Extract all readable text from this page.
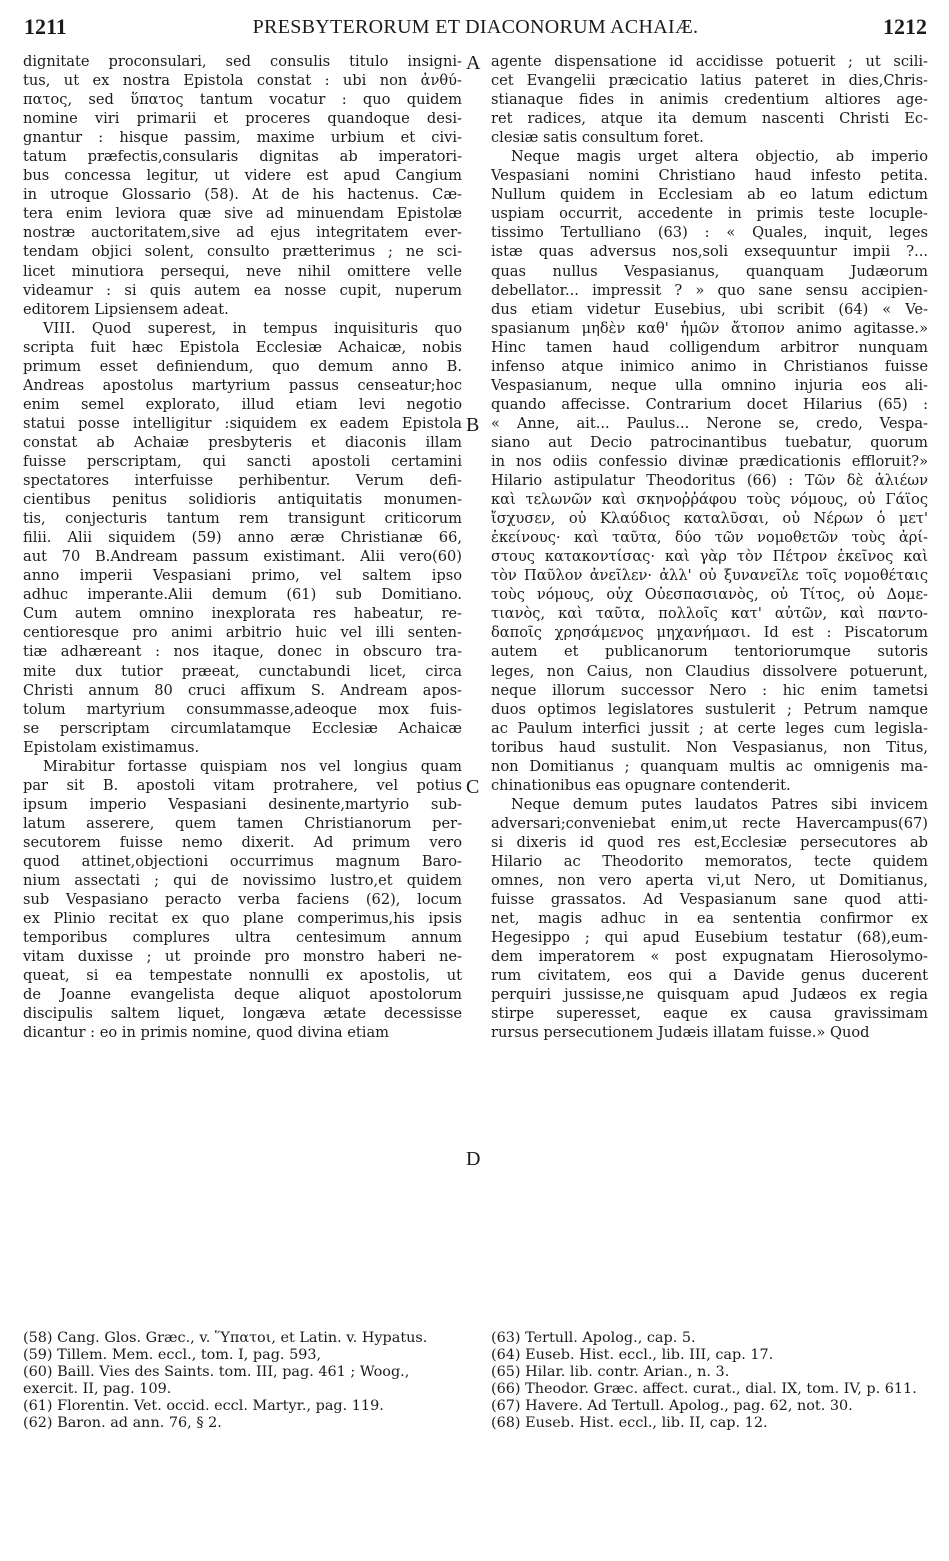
1211	PRESBYTERORUM ET DIACONORUM ACHAIÆ.	1212
dignitate proconsulari, sed consulis titulo insigni-
tus, ut ex nostra Epistola constat : ubi non ἀνθύ-
πατος, sed ὕπατος tantum vocatur : quo quidem
nomine viri primarii et proceres quandoque desi-
gnantur : hisque passim, maxime urbium et civi-
tatum præfectis,consularis dignitas ab imperatori-
bus concessa legitur, ut videre est apud Cangium
in utroque Glossario (58). At de his hactenus. Cæ-
tera enim leviora quæ sive ad minuendam Epistolæ
nostræ auctoritatem,sive ad ejus integritatem ever-
tendam objici solent, consulto prætterimus ; ne sci-
licet minutiora persequi, neve nihil omittere velle
videamur : si quis autem ea nosse cupit, nuperum
editorem Lipsiensem adeat.
VIII. Quod superest, in tempus inquisituris quo
scripta fuit hæc Epistola Ecclesiæ Achaicæ, nobis
primum esset definiendum, quo demum anno B.
Andreas apostolus martyrium passus censeatur;hoc
enim semel explorato, illud etiam levi negotio
statui posse intelligitur :siquidem ex eadem Epistola
constat ab Achaiæ presbyteris et diaconis illam
fuisse perscriptam, qui sancti apostoli certamini
spectatores interfuisse perhibentur. Verum defi-
cientibus penitus solidioris antiquitatis monumen-
tis, conjecturis tantum rem transigunt criticorum
filii. Alii siquidem (59) anno æræ Christianæ 66,
aut 70 B.Andream passum existimant. Alii vero(60)
anno imperii Vespasiani primo, vel saltem ipso
adhuc imperante.Alii demum (61) sub Domitiano.
Cum autem omnino inexplorata res habeatur, re-
centioresque pro animi arbitrio huic vel illi senten-
tiæ adhæreant : nos itaque, donec in obscuro tra-
mite dux tutior præeat, cunctabundi licet, circa
Christi annum 80 cruci affixum S. Andream apos-
tolum martyrium consummasse,adeoque mox fuis-
se perscriptam circumlatamque Ecclesiæ Achaicæ
Epistolam existimamus.
Mirabitur fortasse quispiam nos vel longius quam
par sit B. apostoli vitam protrahere, vel potius
ipsum imperio Vespasiani desinente,martyrio sub-
latum asserere, quem tamen Christianorum per-
secutorem fuisse nemo dixerit. Ad primum vero
quod attinet,objectioni occurrimus magnum Baro-
nium assectati ; qui de novissimo lustro,et quidem
sub Vespasiano peracto verba faciens (62), locum
ex Plinio recitat ex quo plane comperimus,his ipsis
temporibus complures ultra centesimum annum
vitam duxisse ; ut proinde pro monstro haberi ne-
queat, si ea tempestate nonnulli ex apostolis, ut
de Joanne evangelista deque aliquot apostolorum
discipulis saltem liquet, longæva ætate decessisse
dicantur : eo in primis nomine, quod divina etiam
agente dispensatione id accidisse potuerit ; ut scili-
cet Evangelii præcicatio latius pateret in dies,Chris-
stianaque fides in animis credentium altiores age-
ret radices, atque ita demum nascenti Christi Ec-
clesiæ satis consultum foret.
Neque magis urget altera objectio, ab imperio
Vespasiani nomini Christiano haud infesto petita.
Nullum quidem in Ecclesiam ab eo latum edictum
uspiam occurrit, accedente in primis teste locuple-
tissimo Tertulliano (63) : « Quales, inquit, leges
istæ quas adversus nos,soli exsequuntur impii ?...
quas nullus Vespasianus, quanquam Judæorum
debellator... impressit ? » quo sane sensu accipien-
dus etiam videtur Eusebius, ubi scribit (64) « Ve-
spasianum μηδὲν καθ' ἡμῶν ἄτοπον animo agitasse.»
Hinc tamen haud colligendum arbitror nunquam
infenso atque inimico animo in Christianos fuisse
Vespasianum, neque ulla omnino injuria eos ali-
quando affecisse. Contrarium docet Hilarius (65) :
« Anne, ait... Paulus... Nerone se, credo, Vespa-
siano aut Decio patrocinantibus tuebatur, quorum
in nos odiis confessio divinæ prædicationis effloruit?»
Hilario astipulatur Theodoritus (66) : Τῶν δὲ ἁλιέων
καὶ τελωνῶν καὶ σκηνοῤῥάφου τοὺς νόμους, οὐ Γάϊος
ἴσχυσεν, οὐ Κλαύδιος καταλῦσαι, οὐ Νέρων ὁ μετ'
ἐκείνους· καὶ ταῦτα, δύο τῶν νομοθετῶν τοὺς ἀρί-
στους κατακοντίσας· καὶ γὰρ τὸν Πέτρον ἐκεῖνος καὶ
τὸν Παῦλον ἀνεῖλεν· ἀλλ' οὐ ξυνανεῖλε τοῖς νομοθέταις
τοὺς νόμους, οὐχ Οὐεσπασιανὸς, οὐ Τίτος, οὐ Δομε-
τιανὸς, καὶ ταῦτα, πολλοῖς κατ' αὐτῶν, καὶ παντο-
δαποῖς χρησάμενος μηχανήμασι. Id est : Piscatorum
autem et publicanorum tentoriorumque sutoris
leges, non Caius, non Claudius dissolvere potuerunt,
neque illorum successor Nero : hic enim tametsi
duos optimos legislatores sustulerit ; Petrum namque
ac Paulum interfici jussit ; at certe leges cum legisla-
toribus haud sustulit. Non Vespasianus, non Titus,
non Domitianus ; quanquam multis ac omnigenis ma-
chinationibus eas opugnare contenderit.
Neque demum putes laudatos Patres sibi invicem
adversari;conveniebat enim,ut recte Havercampus(67)
si dixeris id quod res est,Ecclesiæ persecutores ab
Hilario ac Theodorito memoratos, tecte quidem
omnes, non vero aperta vi,ut Nero, ut Domitianus,
fuisse grassatos. Ad Vespasianum sane quod atti-
net, magis adhuc in ea sententia confirmor ex
Hegesippo ; qui apud Eusebium testatur (68),eum-
dem imperatorem « post expugnatam Hierosolymo-
rum civitatem, eos qui a Davide genus ducerent
perquiri jussisse,ne quisquam apud Judæos ex regia
stirpe superesset, eaque ex causa gravissimam
rursus persecutionem Judæis illatam fuisse.» Quod
A
B
C
D
(58) Cang. Glos. Græc., v. Ὕπατοι, et Latin. v. Hypatus.
(59) Tillem. Mem. eccl., tom. I, pag. 593,
(60) Baill. Vies des Saints. tom. III, pag. 461 ; Woog., exercit. II, pag. 109.
(61) Florentin. Vet. occid. eccl. Martyr., pag. 119.
(62) Baron. ad ann. 76, § 2.
(63) Tertull. Apolog., cap. 5.
(64) Euseb. Hist. eccl., lib. III, cap. 17.
(65) Hilar. lib. contr. Arian., n. 3.
(66) Theodor. Græc. affect. curat., dial. IX, tom. IV, p. 611.
(67) Havere. Ad Tertull. Apolog., pag. 62, not. 30.
(68) Euseb. Hist. eccl., lib. II, cap. 12.
